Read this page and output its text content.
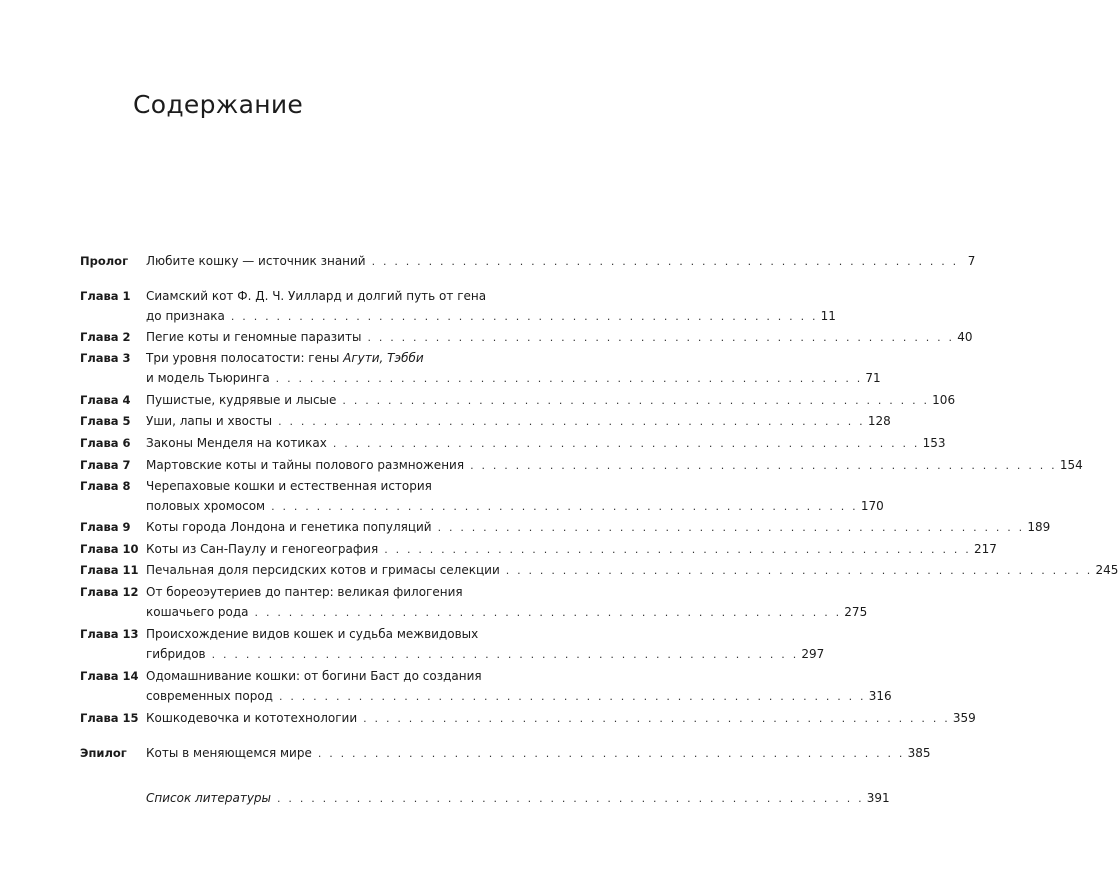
Содержание
Пролог	Любите кошку — источник знаний . . . . . . . . . . . . . . . . . . . . . . . . . . . . . . . . . . . . . . . . . . . . . . . . . . . . 7
Глава 1	Сиамский кот Ф. Д. Ч. Уиллард и долгий путь от гена
до признака . . . . . . . . . . . . . . . . . . . . . . . . . . . . . . . . . . . . . . . . . . . . . . . . . . . . 11
Глава 2	Пегие коты и геномные паразиты . . . . . . . . . . . . . . . . . . . . . . . . . . . . . . . . . . . . . . . . . . . . . . . . . . . . 40
Глава 3	Три уровня полосатости: гены Агути, Тэбби
и модель Тьюринга . . . . . . . . . . . . . . . . . . . . . . . . . . . . . . . . . . . . . . . . . . . . . . . . . . . . 71
Глава 4	Пушистые, кудрявые и лысые . . . . . . . . . . . . . . . . . . . . . . . . . . . . . . . . . . . . . . . . . . . . . . . . . . . . 106
Глава 5	Уши, лапы и хвосты . . . . . . . . . . . . . . . . . . . . . . . . . . . . . . . . . . . . . . . . . . . . . . . . . . . . 128
Глава 6	Законы Менделя на котиках . . . . . . . . . . . . . . . . . . . . . . . . . . . . . . . . . . . . . . . . . . . . . . . . . . . . 153
Глава 7	Мартовские коты и тайны полового размножения . . . . . . . . . . . . . . . . . . . . . . . . . . . . . . . . . . . . . . . . . . . . . . . . . . . . 154
Глава 8	Черепаховые кошки и естественная история
половых хромосом . . . . . . . . . . . . . . . . . . . . . . . . . . . . . . . . . . . . . . . . . . . . . . . . . . . . 170
Глава 9	Коты города Лондона и генетика популяций . . . . . . . . . . . . . . . . . . . . . . . . . . . . . . . . . . . . . . . . . . . . . . . . . . . . 189
Глава 10 Коты из Сан-Паулу и геногеография . . . . . . . . . . . . . . . . . . . . . . . . . . . . . . . . . . . . . . . . . . . . . . . . . . . . 217
Глава 11 Печальная доля персидских котов и гримасы селекции . . . . . . . . . . . . . . . . . . . . . . . . . . . . . . . . . . . . . . . . . . . . . . . . . . . . 245
Глава 12 От бореоэутериев до пантер: великая филогения
кошачьего рода . . . . . . . . . . . . . . . . . . . . . . . . . . . . . . . . . . . . . . . . . . . . . . . . . . . . 275
Глава 13 Происхождение видов кошек и судьба межвидовых
гибридов . . . . . . . . . . . . . . . . . . . . . . . . . . . . . . . . . . . . . . . . . . . . . . . . . . . . 297
Глава 14 Одомашнивание кошки: от богини Баст до создания
современных пород . . . . . . . . . . . . . . . . . . . . . . . . . . . . . . . . . . . . . . . . . . . . . . . . . . . . 316
Глава 15 Кошкодевочка и кототехнологии . . . . . . . . . . . . . . . . . . . . . . . . . . . . . . . . . . . . . . . . . . . . . . . . . . . . 359
Эпилог	Коты в меняющемся мире . . . . . . . . . . . . . . . . . . . . . . . . . . . . . . . . . . . . . . . . . . . . . . . . . . . . 385
Список литературы . . . . . . . . . . . . . . . . . . . . . . . . . . . . . . . . . . . . . . . . . . . . . . . . . . . . 391
